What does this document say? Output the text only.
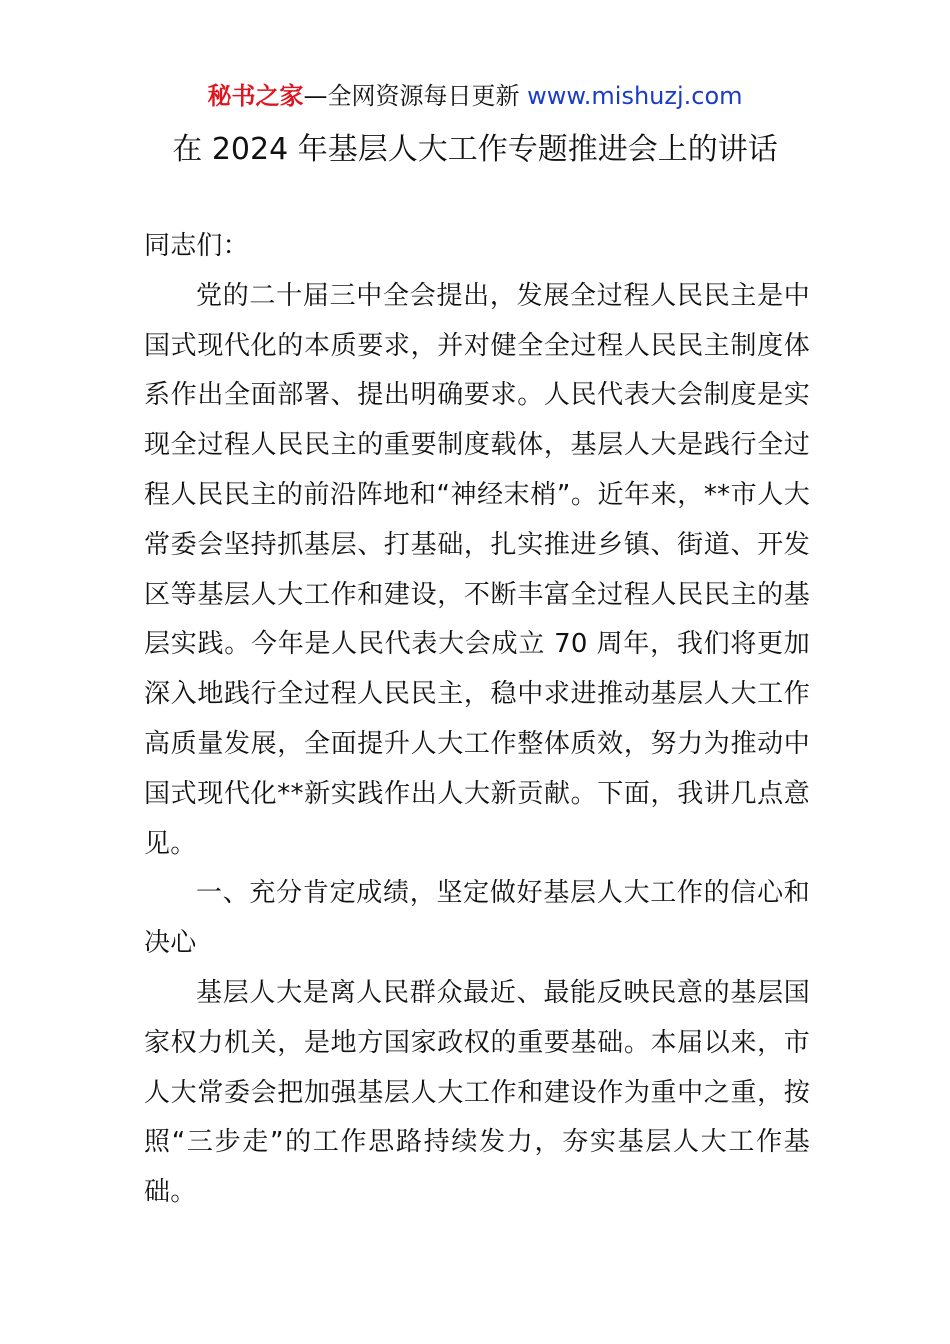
秘书之家—全网资源每日更新 www.mishuzj.com
在 2024 年基层人大工作专题推进会上的讲话

同志们：

党的二十届三中全会提出，发展全过程人民民主是中国式现代化的本质要求，并对健全全过程人民民主制度体系作出全面部署、提出明确要求。人民代表大会制度是实现全过程人民民主的重要制度载体，基层人大是践行全过程人民民主的前沿阵地和“神经末梢”。近年来，**市人大常委会坚持抓基层、打基础，扎实推进乡镇、街道、开发区等基层人大工作和建设，不断丰富全过程人民民主的基层实践。今年是人民代表大会成立 70 周年，我们将更加深入地践行全过程人民民主，稳中求进推动基层人大工作高质量发展，全面提升人大工作整体质效，努力为推动中国式现代化**新实践作出人大新贡献。下面，我讲几点意见。

一、充分肯定成绩，坚定做好基层人大工作的信心和决心

基层人大是离人民群众最近、最能反映民意的基层国家权力机关，是地方国家政权的重要基础。本届以来，市人大常委会把加强基层人大工作和建设作为重中之重，按照“三步走”的工作思路持续发力，夯实基层人大工作基础。
